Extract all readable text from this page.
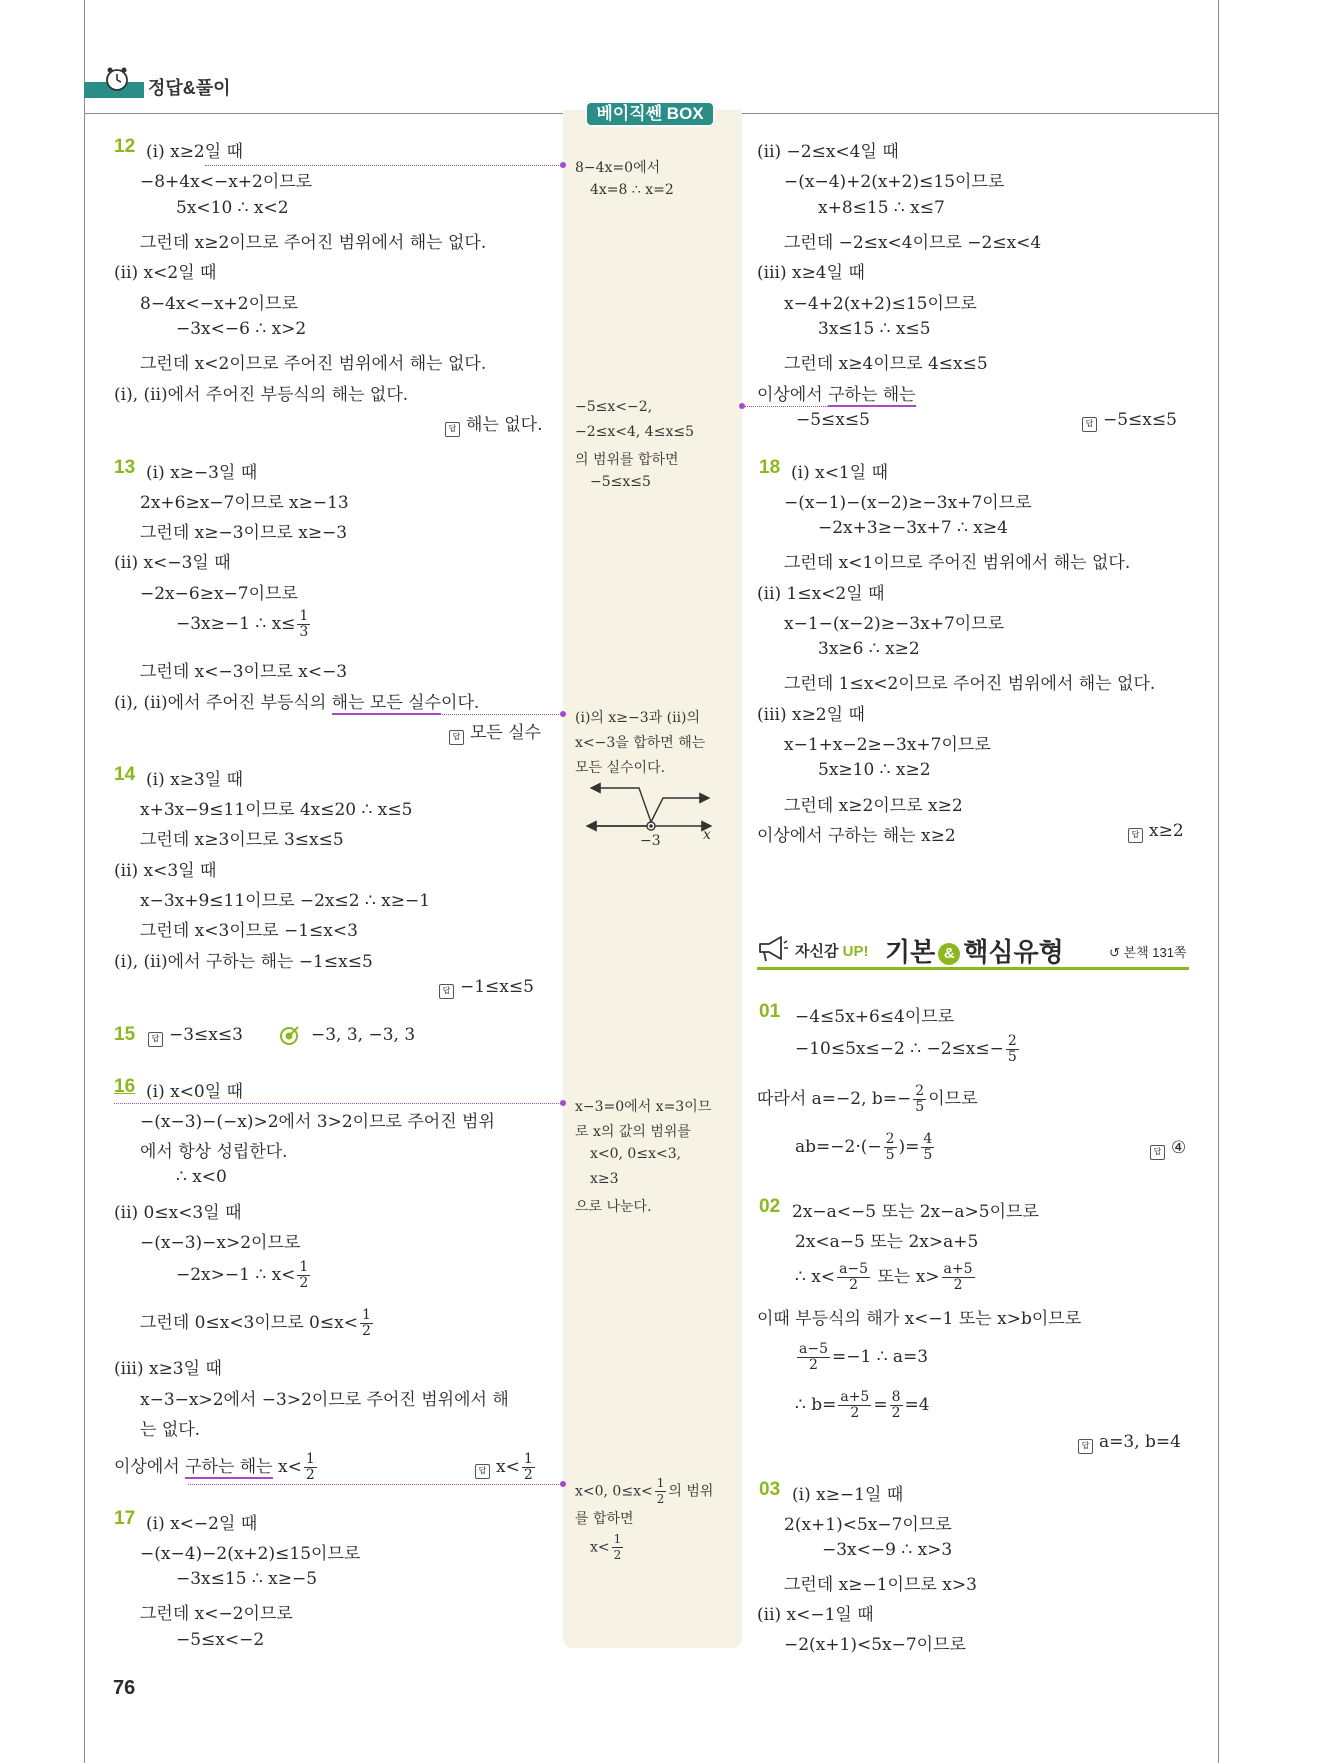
정답&풀이
베이직쎈 BOX
12 (ⅰ) x≥2일 때
−8+4x<−x+2이므로
5x<10 ∴ x<2
그런데 x≥2이므로 주어진 범위에서 해는 없다.
(ⅱ) x<2일 때
8−4x<−x+2이므로
−3x<−6 ∴ x>2
그런데 x<2이므로 주어진 범위에서 해는 없다.
(ⅰ), (ⅱ)에서 주어진 부등식의 해는 없다.
답 해는 없다.
13 (ⅰ) x≥−3일 때
2x+6≥x−7이므로 x≥−13
그런데 x≥−3이므로 x≥−3
(ⅱ) x<−3일 때
−2x−6≥x−7이므로
−3x≥−1 ∴ $x\le \frac{1}{3}$
그런데 x<−3이므로 x<−3
(ⅰ), (ⅱ)에서 주어진 부등식의 해는 모든 실수이다.
답 모든 실수
14 (ⅰ) x≥3일 때
x+3x−9≤11이므로 4x≤20 ∴ x≤5
그런데 x≥3이므로 3≤x≤5
(ⅱ) x<3일 때
x−3x+9≤11이므로 −2x≤2 ∴ x≥−1
그런데 x<3이므로 −1≤x<3
(ⅰ), (ⅱ)에서 구하는 해는 −1≤x≤5
답 −1≤x≤5
15	답 −3≤x≤3	−3, 3, −3, 3
16 (ⅰ) x<0일 때
−(x−3)−(−x)>2에서 3>2이므로 주어진 범위
에서 항상 성립한다.
∴ x<0
(ⅱ) 0≤x<3일 때
−(x−3)−x>2이므로
−2x>−1 ∴ $x< \frac{1}{2}$
그런데 0≤x<3이므로 $0\le x< \frac{1}{2}$
(ⅲ) x≥3일 때
x−3−x>2에서 −3>2이므로 주어진 범위에서 해
는 없다.
이상에서 구하는 해는 $x< \frac{1}{2}$	답 $x< \frac{1}{2}$
17 (ⅰ) x<−2일 때
−(x−4)−2(x+2)≤15이므로
−3x≤15 ∴ x≥−5
그런데 x<−2이므로
−5≤x<−2
76
8−4x=0에서
4x=8 ∴ x=2
−5≤x<−2,
−2≤x<4, 4≤x≤5
의 범위를 합하면
−5≤x≤5
(ⅰ)의 x≥−3과 (ⅱ)의
x<−3을 합하면 해는
모든 실수이다.
−3	x
x−3=0에서 x=3이므
로 x의 값의 범위를
x<0, 0≤x<3,
x≥3
으로 나눈다.
x<0, $0\le x< \frac{1}{2}$ 의 범위
를 합하면
$x< \frac{1}{2}$
(ⅱ) −2≤x<4일 때
−(x−4)+2(x+2)≤15이므로
x+8≤15 ∴ x≤7
그런데 −2≤x<4이므로 −2≤x<4
(ⅲ) x≥4일 때
x−4+2(x+2)≤15이므로
3x≤15 ∴ x≤5
그런데 x≥4이므로 4≤x≤5
이상에서 구하는 해는
−5≤x≤5	답 −5≤x≤5
18 (ⅰ) x<1일 때
−(x−1)−(x−2)≥−3x+7이므로
−2x+3≥−3x+7 ∴ x≥4
그런데 x<1이므로 주어진 범위에서 해는 없다.
(ⅱ) 1≤x<2일 때
x−1−(x−2)≥−3x+7이므로
3x≥6 ∴ x≥2
그런데 1≤x<2이므로 주어진 범위에서 해는 없다.
(ⅲ) x≥2일 때
x−1+x−2≥−3x+7이므로
5x≥10 ∴ x≥2
그런데 x≥2이므로 x≥2
이상에서 구하는 해는 x≥2	답 x≥2
자신감 UP! 기본 & 핵심유형	↺ 본책 131쪽
01 −4≤5x+6≤4이므로
−10≤5x≤−2 ∴ $-2\le x\le- \frac{2}{5}$
따라서 a=−2, $b=- \frac{2}{5}$ 이므로
$ab=-2\cdot(- \frac{2}{5}$ )= $\frac{4}{5}$	답 ④
02 2x−a<−5 또는 2x−a>5이므로
2x<a−5 또는 2x>a+5
∴ $x< \frac{a-5}{2}$ 또는 $x> \frac{a+5}{2}$
이때 부등식의 해가 x<−1 또는 x>b이므로
$\frac{a-5}{2} =-1$ ∴ a=3
∴ $b= \frac{a+5}{2} = \frac{8}{2} =4$
답 a=3, b=4
03 (ⅰ) x≥−1일 때
2(x+1)<5x−7이므로
−3x<−9 ∴ x>3
그런데 x≥−1이므로 x>3
(ⅱ) x<−1일 때
−2(x+1)<5x−7이므로
